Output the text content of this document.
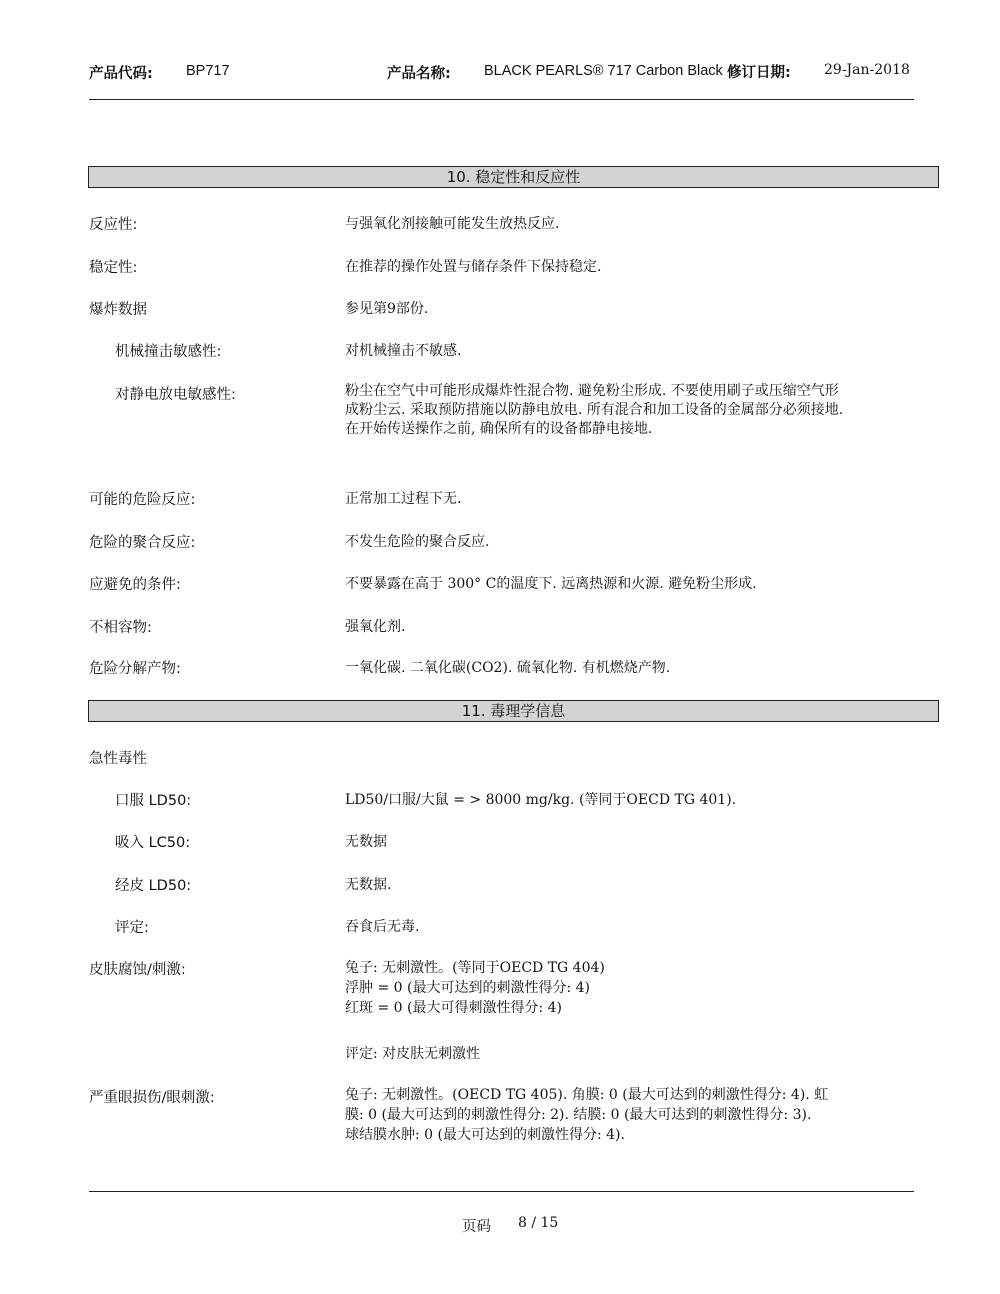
产品代码: BP717	产品名称: BLACK PEARLS® 717 Carbon Black 修订日期: 29-Jan-2018
10. 稳定性和反应性
反应性:	与强氧化剂接触可能发生放热反应.
稳定性:	在推荐的操作处置与储存条件下保持稳定.
爆炸数据	参见第9部份.
机械撞击敏感性:	对机械撞击不敏感.
对静电放电敏感性:	粉尘在空气中可能形成爆炸性混合物. 避免粉尘形成. 不要使用刷子或压缩空气形
成粉尘云. 采取预防措施以防静电放电. 所有混合和加工设备的金属部分必须接地.
在开始传送操作之前, 确保所有的设备都静电接地.
可能的危险反应:	正常加工过程下无.
危险的聚合反应:	不发生危险的聚合反应.
应避免的条件:	不要暴露在高于 300° C的温度下. 远离热源和火源. 避免粉尘形成.
不相容物:	强氧化剂.
危险分解产物:	一氧化碳. 二氧化碳(CO2). 硫氧化物. 有机燃烧产物.
11. 毒理学信息
急性毒性
口服 LD50:	LD50/口服/大鼠 = > 8000 mg/kg. (等同于OECD TG 401).
吸入 LC50:	无数据
经皮 LD50:	无数据.
评定:	吞食后无毒.
皮肤腐蚀/刺激:	兔子: 无刺激性。(等同于OECD TG 404)
浮肿 = 0 (最大可达到的刺激性得分: 4)
红斑 = 0 (最大可得刺激性得分: 4)
评定: 对皮肤无刺激性
严重眼损伤/眼刺激:	兔子: 无刺激性。(OECD TG 405). 角膜: 0 (最大可达到的刺激性得分: 4). 虹
膜: 0 (最大可达到的刺激性得分: 2). 结膜: 0 (最大可达到的刺激性得分: 3).
球结膜水肿: 0 (最大可达到的刺激性得分: 4).
页码 8 / 15
